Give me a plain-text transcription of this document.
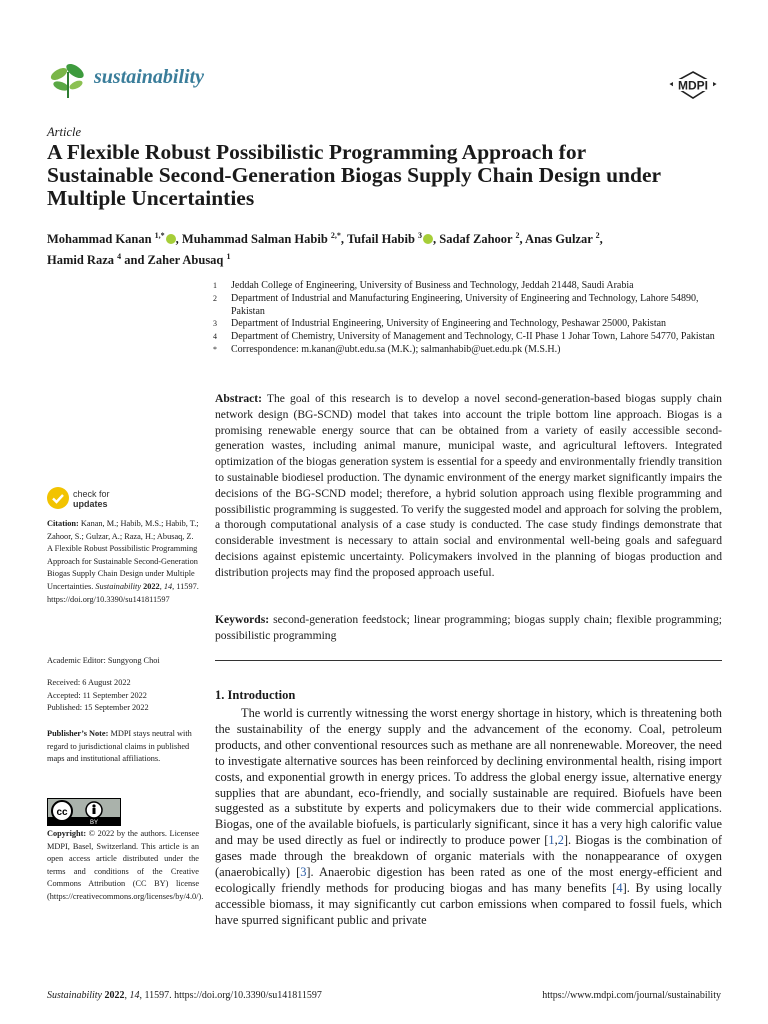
sustainability	MDPI
Article
A Flexible Robust Possibilistic Programming Approach for Sustainable Second-Generation Biogas Supply Chain Design under Multiple Uncertainties
Mohammad Kanan $^{1,*}$ , Muhammad Salman Habib $^{2,*}$, Tufail Habib $^3$ , Sadaf Zahoor $^2$, Anas Gulzar $^2$,
Hamid Raza $^4$ and Zaher Abusaq $^1$
1	Jeddah College of Engineering, University of Business and Technology, Jeddah 21448, Saudi Arabia
2	Department of Industrial and Manufacturing Engineering, University of Engineering and Technology, Lahore 54890, Pakistan
3	Department of Industrial Engineering, University of Engineering and Technology, Peshawar 25000, Pakistan
4	Department of Chemistry, University of Management and Technology, C-II Phase 1 Johar Town, Lahore 54770, Pakistan
*	Correspondence: m.kanan@ubt.edu.sa (M.K.); salmanhabib@uet.edu.pk (M.S.H.)
Abstract: The goal of this research is to develop a novel second-generation-based biogas supply chain network design (BG-SCND) model that takes into account the triple bottom line approach. Biogas is a promising renewable energy source that can be obtained from a variety of easily accessible second-generation wastes, including animal manure, municipal waste, and agricultural leftovers. Integrated optimization of the biogas generation system is essential for a speedy and environmentally friendly transition to sustainable biodiesel production. The dynamic environment of the energy market significantly impairs the decisions of the BG-SCND model; therefore, a hybrid solution approach using flexible programming and possibilistic programming is suggested. To verify the suggested model and approach for solving the problem, a thorough computational analysis of a case study is conducted. The case study findings demonstrate that considerable investment is necessary to attain social and environmental well-being goals and safeguard decisions against epistemic uncertainty. Policymakers involved in the planning of biogas production and distribution projects may find the proposed approach useful.
Keywords: second-generation feedstock; linear programming; biogas supply chain; flexible programming; possibilistic programming
1. Introduction
The world is currently witnessing the worst energy shortage in history, which is threatening both the sustainability of the energy supply and the advancement of the economy. Coal, petroleum products, and other conventional resources such as methane are all nonrenewable. Moreover, the need to investigate alternative sources has been reinforced by declining environmental health, rising import costs, and exponential growth in energy prices. To address the global energy issue, alternative energy supplies that are abundant, eco-friendly, and socially sustainable are required. Biofuels have been suggested as a substitute by experts and policymakers due to their wide commercial applications. Biogas, one of the available biofuels, is particularly significant, since it has a very high calorific value and may be used directly as fuel or indirectly to produce power [1,2]. Biogas is the combination of gases made through the breakdown of organic materials with the nonappearance of oxygen (anaerobically) [3]. Anaerobic digestion has been rated as one of the most energy-efficient and ecologically friendly methods for producing biogas and has many benefits [4]. By using locally accessible biomass, it may significantly cut carbon emissions when compared to fossil fuels, which have spurred significant public and private
check for
updates
Citation: Kanan, M.; Habib, M.S.; Habib, T.; Zahoor, S.; Gulzar, A.; Raza, H.; Abusaq, Z. A Flexible Robust Possibilistic Programming Approach for Sustainable Second-Generation Biogas Supply Chain Design under Multiple Uncertainties. Sustainability 2022, 14, 11597. https://doi.org/10.3390/su141811597
Academic Editor: Sungyong Choi
Received: 6 August 2022
Accepted: 11 September 2022
Published: 15 September 2022
Publisher’s Note: MDPI stays neutral with regard to jurisdictional claims in published maps and institutional affiliations.
cc
BY
Copyright: © 2022 by the authors. Licensee MDPI, Basel, Switzerland. This article is an open access article distributed under the terms and conditions of the Creative Commons Attribution (CC BY) license (https://creativecommons.org/licenses/by/4.0/).
Sustainability 2022, 14, 11597. https://doi.org/10.3390/su141811597	https://www.mdpi.com/journal/sustainability
